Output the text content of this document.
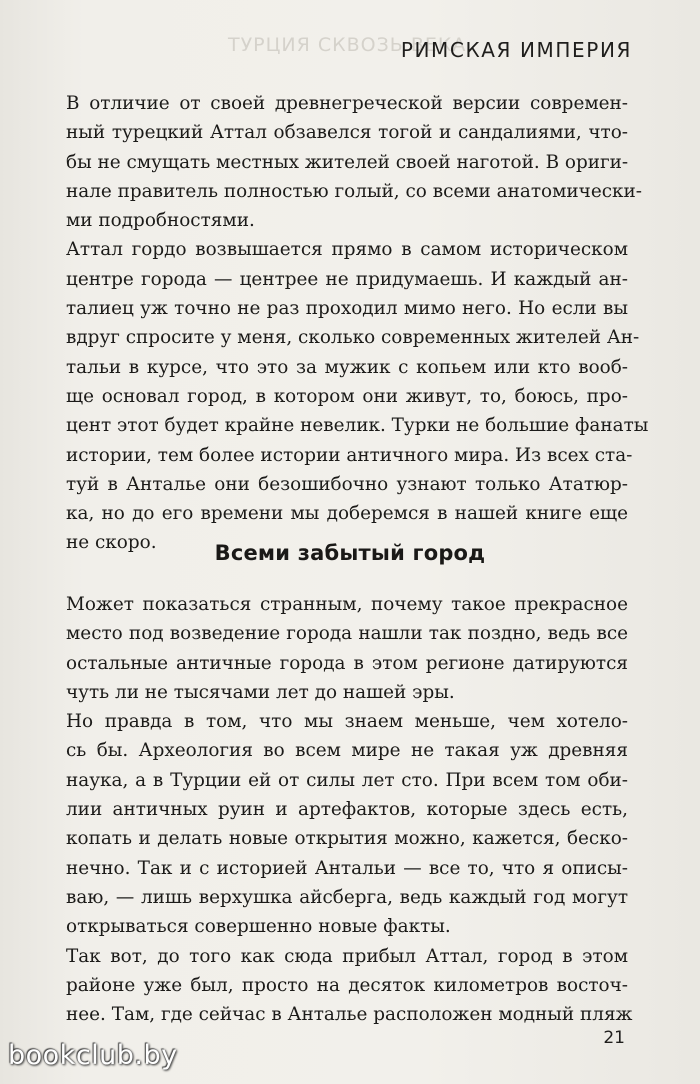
ТУРЦИЯ СКВОЗЬ ВЕКА
РИМСКАЯ ИМПЕРИЯ

В отличие от своей древнегреческой версии современ-
ный турецкий Аттал обзавелся тогой и сандалиями, что-
бы не смущать местных жителей своей наготой. В ориги-
нале правитель полностью голый, со всеми анатомически-
ми подробностями.

Аттал гордо возвышается прямо в самом историческом
центре города — центрее не придумаешь. И каждый ан-
талиец уж точно не раз проходил мимо него. Но если вы
вдруг спросите у меня, сколько современных жителей Ан-
тальи в курсе, что это за мужик с копьем или кто вооб-
ще основал город, в котором они живут, то, боюсь, про-
цент этот будет крайне невелик. Турки не большие фанаты
истории, тем более истории античного мира. Из всех ста-
туй в Анталье они безошибочно узнают только Ататюр-
ка, но до его времени мы доберемся в нашей книге еще
не скоро.	Всеми забытый город

Может показаться странным, почему такое прекрасное
место под возведение города нашли так поздно, ведь все
остальные античные города в этом регионе датируются
чуть ли не тысячами лет до нашей эры.

Но правда в том, что мы знаем меньше, чем хотело-
сь бы. Археология во всем мире не такая уж древняя
наука, а в Турции ей от силы лет сто. При всем том оби-
лии античных руин и артефактов, которые здесь есть,
копать и делать новые открытия можно, кажется, беско-
нечно. Так и с историей Антальи — все то, что я описы-
ваю, — лишь верхушка айсберга, ведь каждый год могут
открываться совершенно новые факты.

Так вот, до того как сюда прибыл Аттал, город в этом
районе уже был, просто на десяток километров восточ-
нее. Там, где сейчас в Анталье расположен модный пляж

21
bookclub.by
